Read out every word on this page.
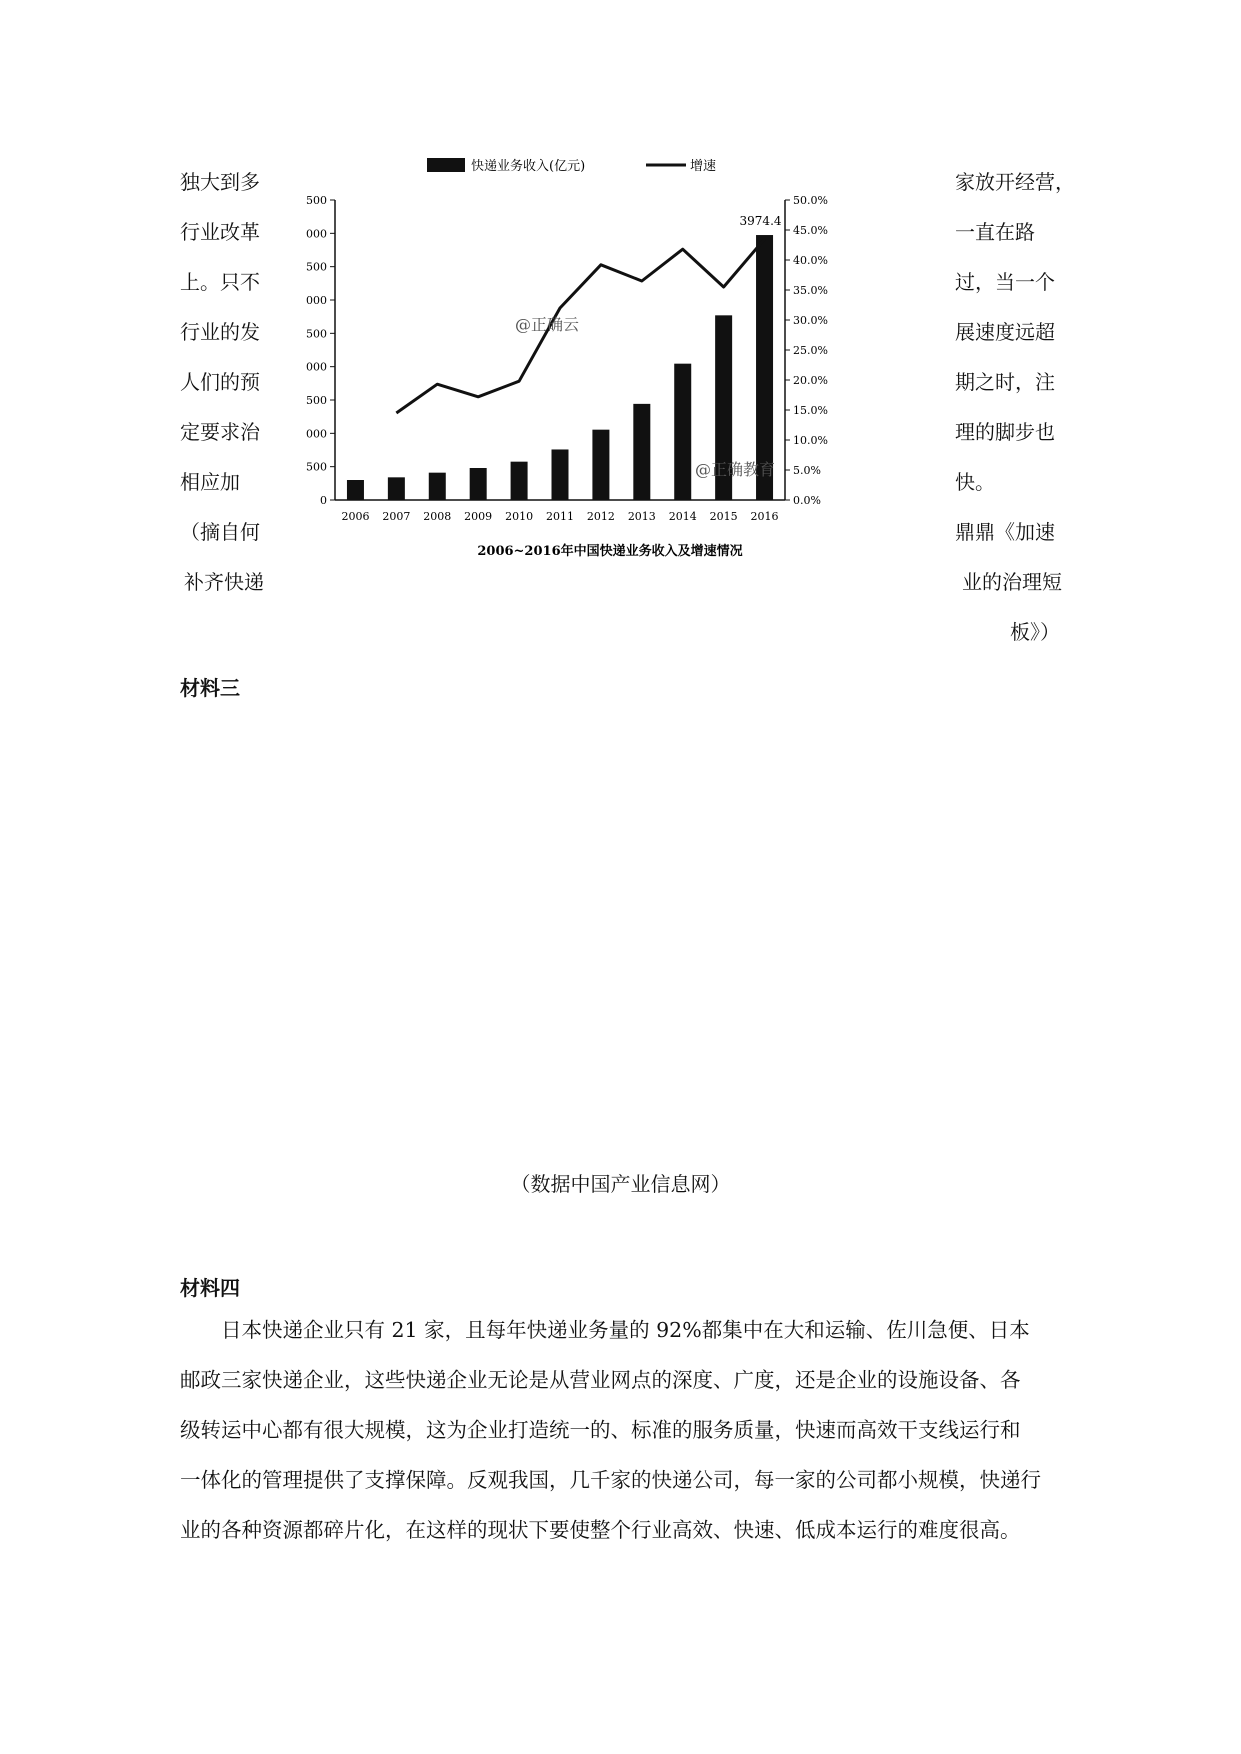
独大到多
行业改革
上。只不
行业的发
人们的预
定要求治
相应加
（摘自何
补齐快递
家放开经营，
一直在路
过，当一个
展速度远超
期之时，注
理的脚步也
快。
鼎鼎《加速
业的治理短
板》）
快递业务收入(亿元)	增速
0
500
000
500
000
500
000
500
000
500
0.0%
5.0%
10.0%
15.0%
20.0%
25.0%
30.0%
35.0%
40.0%
45.0%
50.0%
2006 2007 2008 2009 2010 2011 2012 2013 2014 2015 2016
3974.4
@正确云
@正确教育
2006~2016年中国快递业务收入及增速情况
材料三
（数据中国产业信息网）
材料四
　　日本快递企业只有 21 家，且每年快递业务量的 92%都集中在大和运输、佐川急便、日本
邮政三家快递企业，这些快递企业无论是从营业网点的深度、广度，还是企业的设施设备、各
级转运中心都有很大规模，这为企业打造统一的、标准的服务质量，快速而高效干支线运行和
一体化的管理提供了支撑保障。反观我国，几千家的快递公司，每一家的公司都小规模，快递行
业的各种资源都碎片化，在这样的现状下要使整个行业高效、快速、低成本运行的难度很高。
